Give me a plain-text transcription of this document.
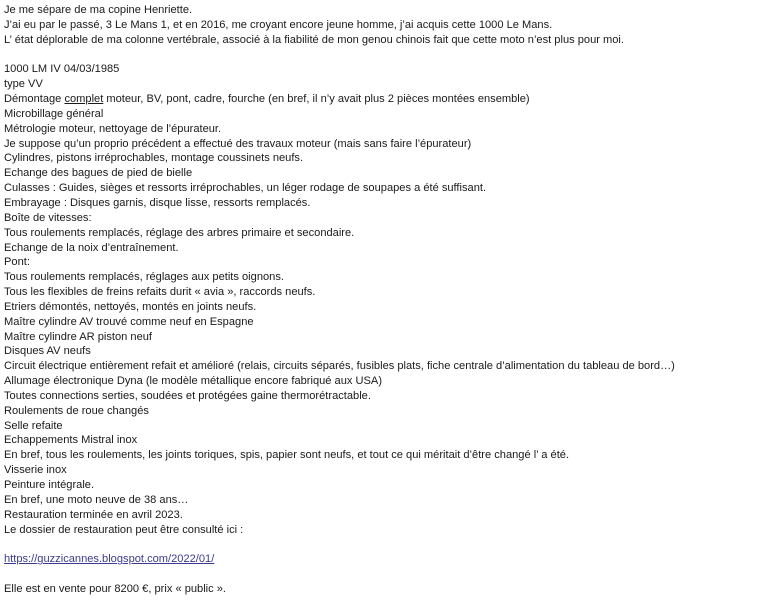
Je me sépare de ma copine Henriette.
J’ai eu par le passé, 3 Le Mans 1, et en 2016, me croyant encore jeune homme, j’ai acquis cette 1000 Le Mans.
L’ état déplorable de ma colonne vertébrale, associé à la fiabilité de mon genou chinois fait que cette moto n’est plus pour moi.
1000 LM IV 04/03/1985
type VV
Démontage complet moteur, BV, pont, cadre, fourche (en bref, il n’y avait plus 2 pièces montées ensemble)
Microbillage général
Métrologie moteur, nettoyage de l’épurateur.
Je suppose qu’un proprio précédent a effectué des travaux moteur (mais sans faire l’épurateur)
Cylindres, pistons irréprochables, montage coussinets neufs.
Echange des bagues de pied de bielle
Culasses : Guides, sièges et ressorts irréprochables, un léger rodage de soupapes a été suffisant.
Embrayage : Disques garnis, disque lisse, ressorts remplacés.
Boîte de vitesses:
Tous roulements remplacés, réglage des arbres primaire et secondaire.
Echange de la noix d’entraînement.
Pont:
Tous roulements remplacés, réglages aux petits oignons.
Tous les flexibles de freins refaits durit « avia », raccords neufs.
Etriers démontés, nettoyés, montés en joints neufs.
Maître cylindre AV trouvé comme neuf en Espagne
Maître cylindre AR piston neuf
Disques AV neufs
Circuit électrique entièrement refait et amélioré (relais, circuits séparés, fusibles plats, fiche centrale d’alimentation du tableau de bord…)
Allumage électronique Dyna (le modèle métallique encore fabriqué aux USA)
Toutes connections serties, soudées et protégées gaine thermorétractable.
Roulements de roue changés
Selle refaite
Echappements Mistral inox
En bref, tous les roulements, les joints toriques, spis, papier sont neufs, et tout ce qui méritait d’être changé l’ a été.
Visserie inox
Peinture intégrale.
En bref, une moto neuve de 38 ans…
Restauration terminée en avril 2023.
Le dossier de restauration peut être consulté ici :
https://guzzicannes.blogspot.com/2022/01/
Elle est en vente pour 8200 €, prix « public ».
